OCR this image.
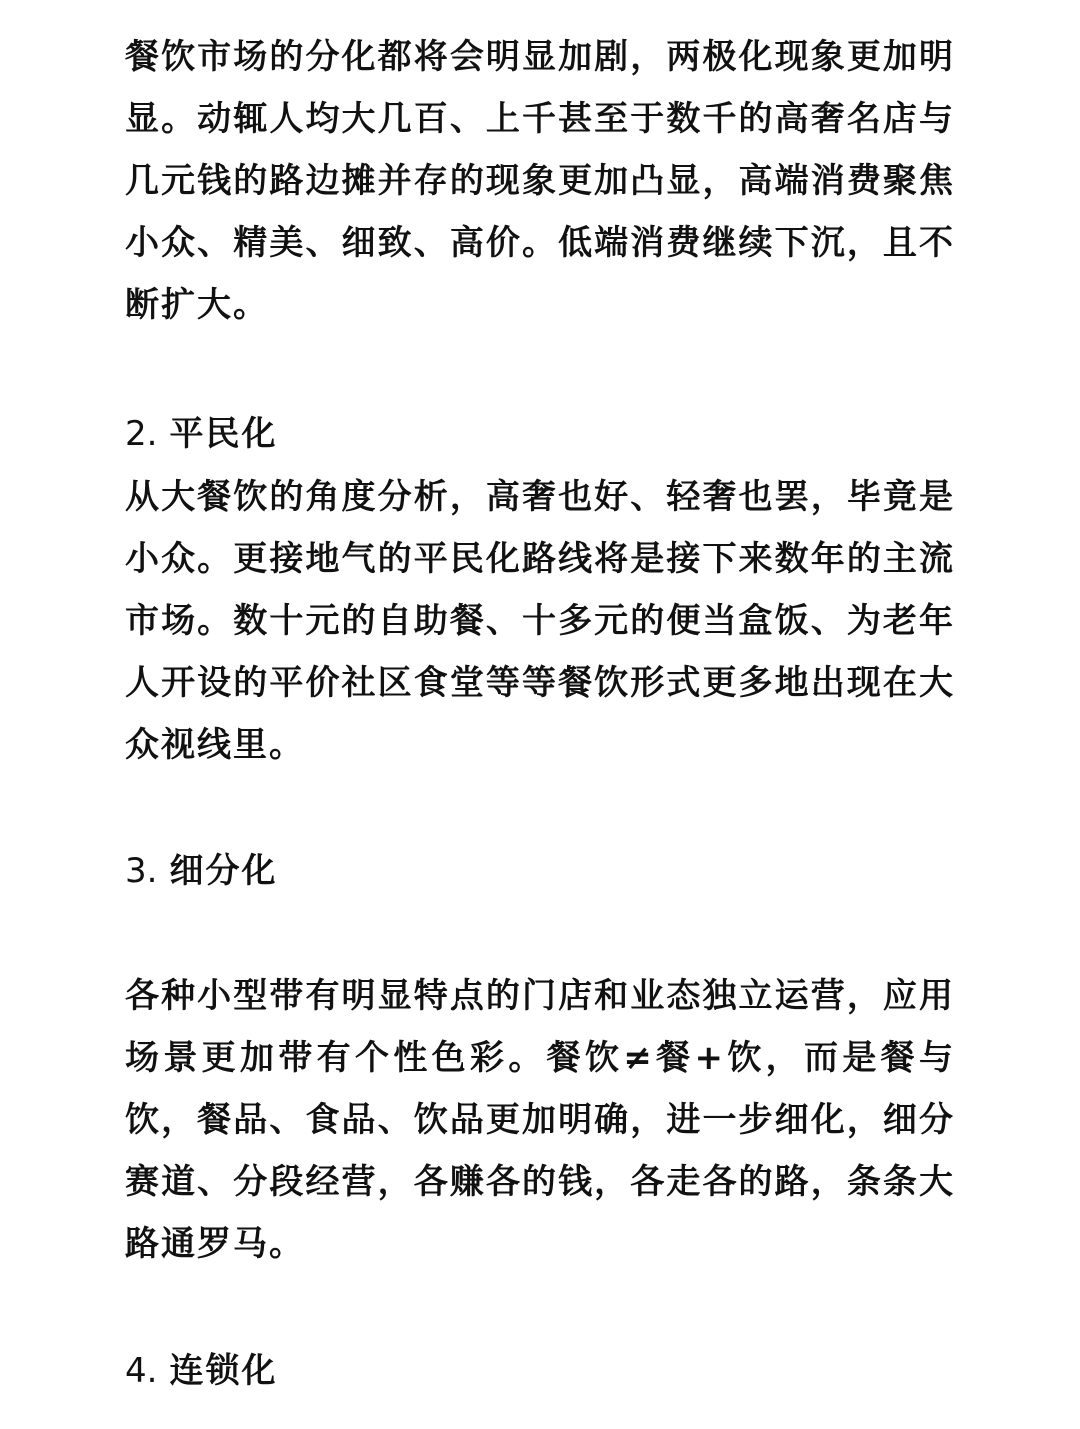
餐饮市场的分化都将会明显加剧，两极化现象更加明显。动辄人均大几百、上千甚至于数千的高奢名店与几元钱的路边摊并存的现象更加凸显，高端消费聚焦小众、精美、细致、高价。低端消费继续下沉，且不断扩大。

2. 平民化

从大餐饮的角度分析，高奢也好、轻奢也罢，毕竟是小众。更接地气的平民化路线将是接下来数年的主流市场。数十元的自助餐、十多元的便当盒饭、为老年人开设的平价社区食堂等等餐饮形式更多地出现在大众视线里。

3. 细分化

各种小型带有明显特点的门店和业态独立运营，应用场景更加带有个性色彩。餐饮≠餐+饮，而是餐与饮，餐品、食品、饮品更加明确，进一步细化，细分赛道、分段经营，各赚各的钱，各走各的路，条条大路通罗马。

4. 连锁化
